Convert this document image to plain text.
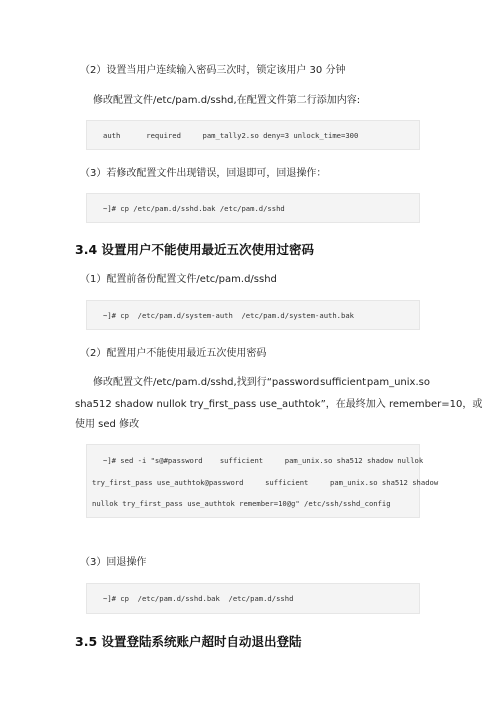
（2）设置当用户连续输入密码三次时，锁定该用户 30 分钟
修改配置文件/etc/pam.d/sshd,在配置文件第二行添加内容:

auth      required     pam_tally2.so deny=3 unlock_time=300

（3）若修改配置文件出现错误，回退即可，回退操作：

~]# cp /etc/pam.d/sshd.bak /etc/pam.d/sshd

3.4 设置用户不能使用最近五次使用过密码
（1）配置前备份配置文件/etc/pam.d/sshd

~]# cp  /etc/pam.d/system-auth  /etc/pam.d/system-auth.bak

（2）配置用户不能使用最近五次使用密码
修改配置文件/etc/pam.d/sshd,找到行“password sufficient pam_unix.so
sha512 shadow nullok try_first_pass use_authtok”，在最终加入 remember=10，或
使用 sed 修改

~]# sed -i "s@#password    sufficient     pam_unix.so sha512 shadow nullok

try_first_pass use_authtok@password     sufficient     pam_unix.so sha512 shadow

nullok try_first_pass use_authtok remember=10@g" /etc/ssh/sshd_config

（3）回退操作

~]# cp  /etc/pam.d/sshd.bak  /etc/pam.d/sshd

3.5 设置登陆系统账户超时自动退出登陆
